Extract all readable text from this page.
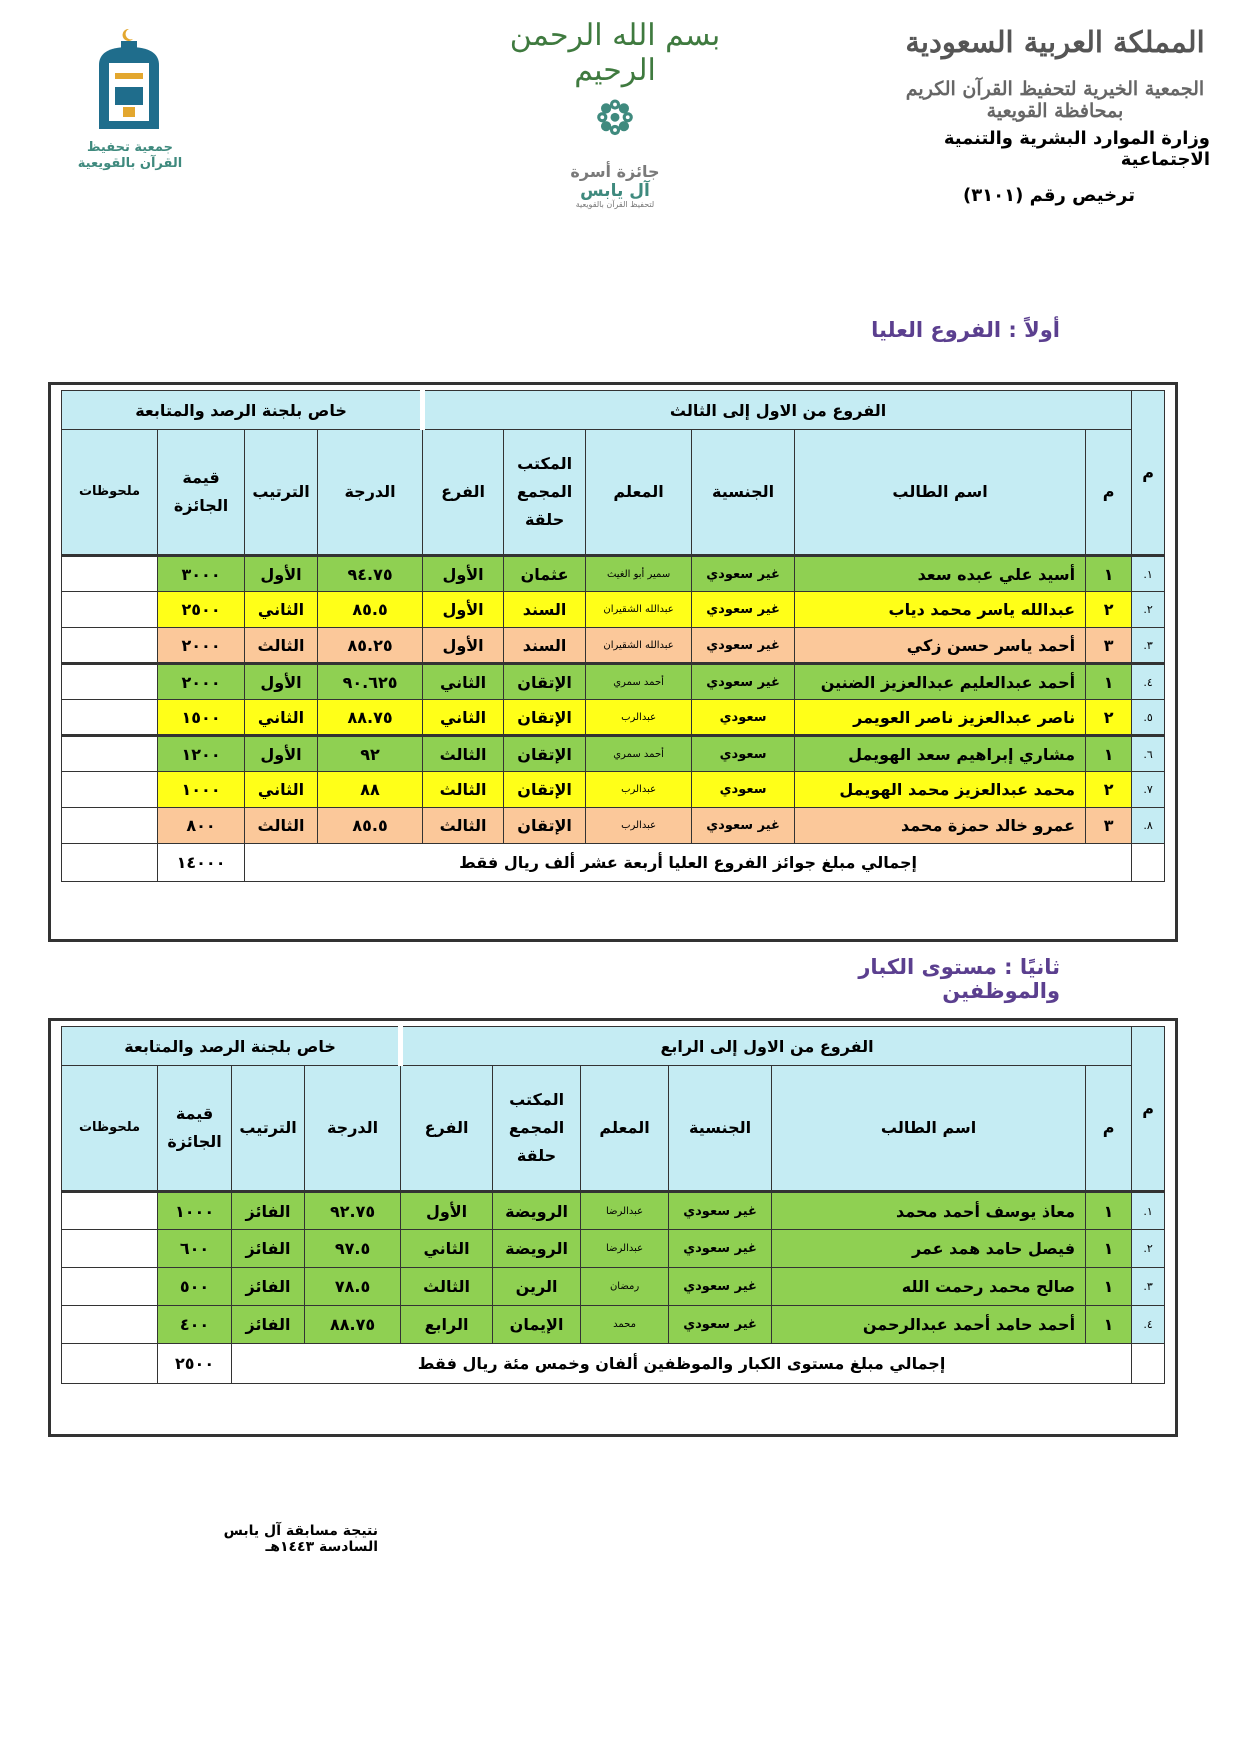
المملكة العربية السعودية
الجمعية الخيرية لتحفيظ القرآن الكريم بمحافظة القويعية
وزارة الموارد البشرية والتنمية الاجتماعية
ترخيص رقم (٣١٠١)
بسم الله الرحمن الرحيم
جائزة أسرة
آل يابس
لتحفيظ القرآن بالقويعية
جمعية تحفيظ
القرآن بالقويعية
أولاً : الفروع العليا
م	الفروع من الاول إلى الثالث						خاص بلجنة الرصد والمتابعة			
	م	اسم الطالب	الجنسية	المعلم	المكتب المجمع حلقة	الفرع	الدرجة	الترتيب	قيمة الجائزة	ملحوظات
١.	١	أسيد علي عبده سعد	غير سعودي	سمير أبو الغيث	عثمان	الأول	٩٤.٧٥	الأول	٣٠٠٠	
٢.	٢	عبدالله ياسر محمد دياب	غير سعودي	عبدالله الشقيران	السند	الأول	٨٥.٥	الثاني	٢٥٠٠	
٣.	٣	أحمد ياسر حسن زكي	غير سعودي	عبدالله الشقيران	السند	الأول	٨٥.٢٥	الثالث	٢٠٠٠	
٤.	١	أحمد عبدالعليم عبدالعزيز الضنين	غير سعودي	أحمد سمري	الإتقان	الثاني	٩٠.٦٢٥	الأول	٢٠٠٠	
٥.	٢	ناصر عبدالعزيز ناصر العويمر	سعودي	عبدالرب	الإتقان	الثاني	٨٨.٧٥	الثاني	١٥٠٠	
٦.	١	مشاري إبراهيم سعد الهويمل	سعودي	أحمد سمري	الإتقان	الثالث	٩٢	الأول	١٢٠٠	
٧.	٢	محمد عبدالعزيز محمد الهويمل	سعودي	عبدالرب	الإتقان	الثالث	٨٨	الثاني	١٠٠٠	
٨.	٣	عمرو خالد حمزة محمد	غير سعودي	عبدالرب	الإتقان	الثالث	٨٥.٥	الثالث	٨٠٠	
	إجمالي مبلغ جوائز الفروع العليا أربعة عشر ألف ريال فقط								١٤٠٠٠	
ثانيًا : مستوى الكبار والموظفين
م	الفروع من الاول إلى الرابع						خاص بلجنة الرصد والمتابعة			
	م	اسم الطالب	الجنسية	المعلم	المكتب المجمع حلقة	الفرع	الدرجة	الترتيب	قيمة الجائزة	ملحوظات
١.	١	معاذ يوسف أحمد محمد	غير سعودي	عبدالرضا	الرويضة	الأول	٩٢.٧٥	الفائز	١٠٠٠	
٢.	١	فيصل حامد همد عمر	غير سعودي	عبدالرضا	الرويضة	الثاني	٩٧.٥	الفائز	٦٠٠	
٣.	١	صالح محمد رحمت الله	غير سعودي	رمضان	الرين	الثالث	٧٨.٥	الفائز	٥٠٠	
٤.	١	أحمد حامد أحمد عبدالرحمن	غير سعودي	محمد	الإيمان	الرابع	٨٨.٧٥	الفائز	٤٠٠	
	إجمالي مبلغ مستوى الكبار والموظفين ألفان وخمس مئة ريال فقط								٢٥٠٠	
نتيجة مسابقة آل يابس السادسة ١٤٤٣هـ
